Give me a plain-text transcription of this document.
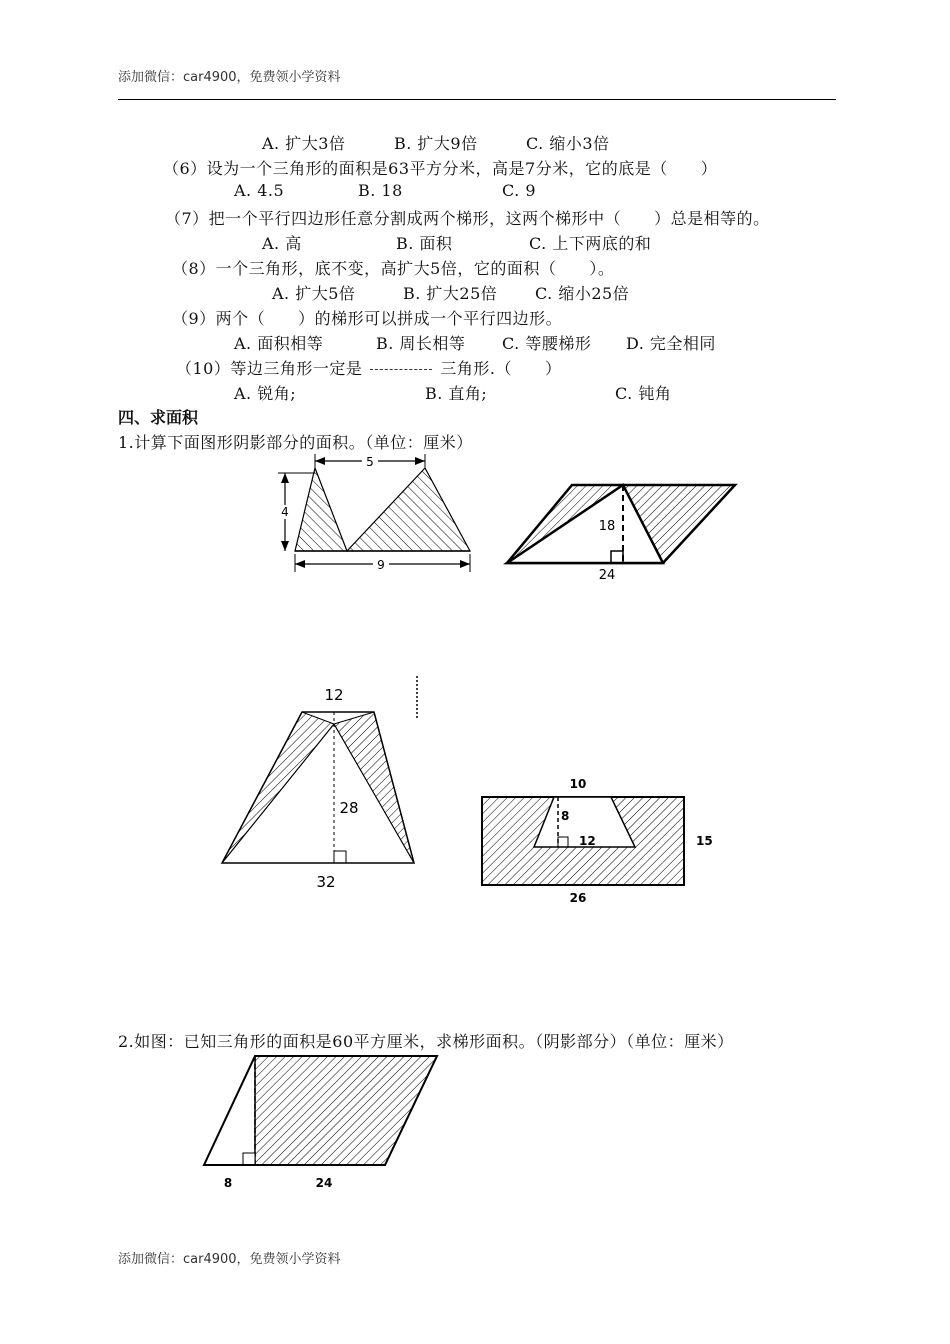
添加微信：car4900，免费领小学资料
A. 扩大3倍	B. 扩大9倍	C. 缩小3倍
（6）设为一个三角形的面积是63平方分米，高是7分米，它的底是（　　）
A. 4.5	B. 18	C. 9
（7）把一个平行四边形任意分割成两个梯形，这两个梯形中（　　）总是相等的。
A. 高	B. 面积	C. 上下两底的和
（8）一个三角形，底不变，高扩大5倍，它的面积（　　）。
A. 扩大5倍	B. 扩大25倍 C. 缩小25倍
（9）两个（　　）的梯形可以拼成一个平行四边形。
A. 面积相等	B. 周长相等 C. 等腰梯形 D. 完全相同
（10）等边三角形一定是	三角形.（　　）
A. 锐角;	B. 直角;	C. 钝角
四、求面积
1.计算下面图形阴影部分的面积。（单位：厘米）
5
4
9
18
24
12
28
32
10
8
12	15
26
2.如图：已知三角形的面积是60平方厘米，求梯形面积。（阴影部分）（单位：厘米）
8	24
添加微信：car4900，免费领小学资料
